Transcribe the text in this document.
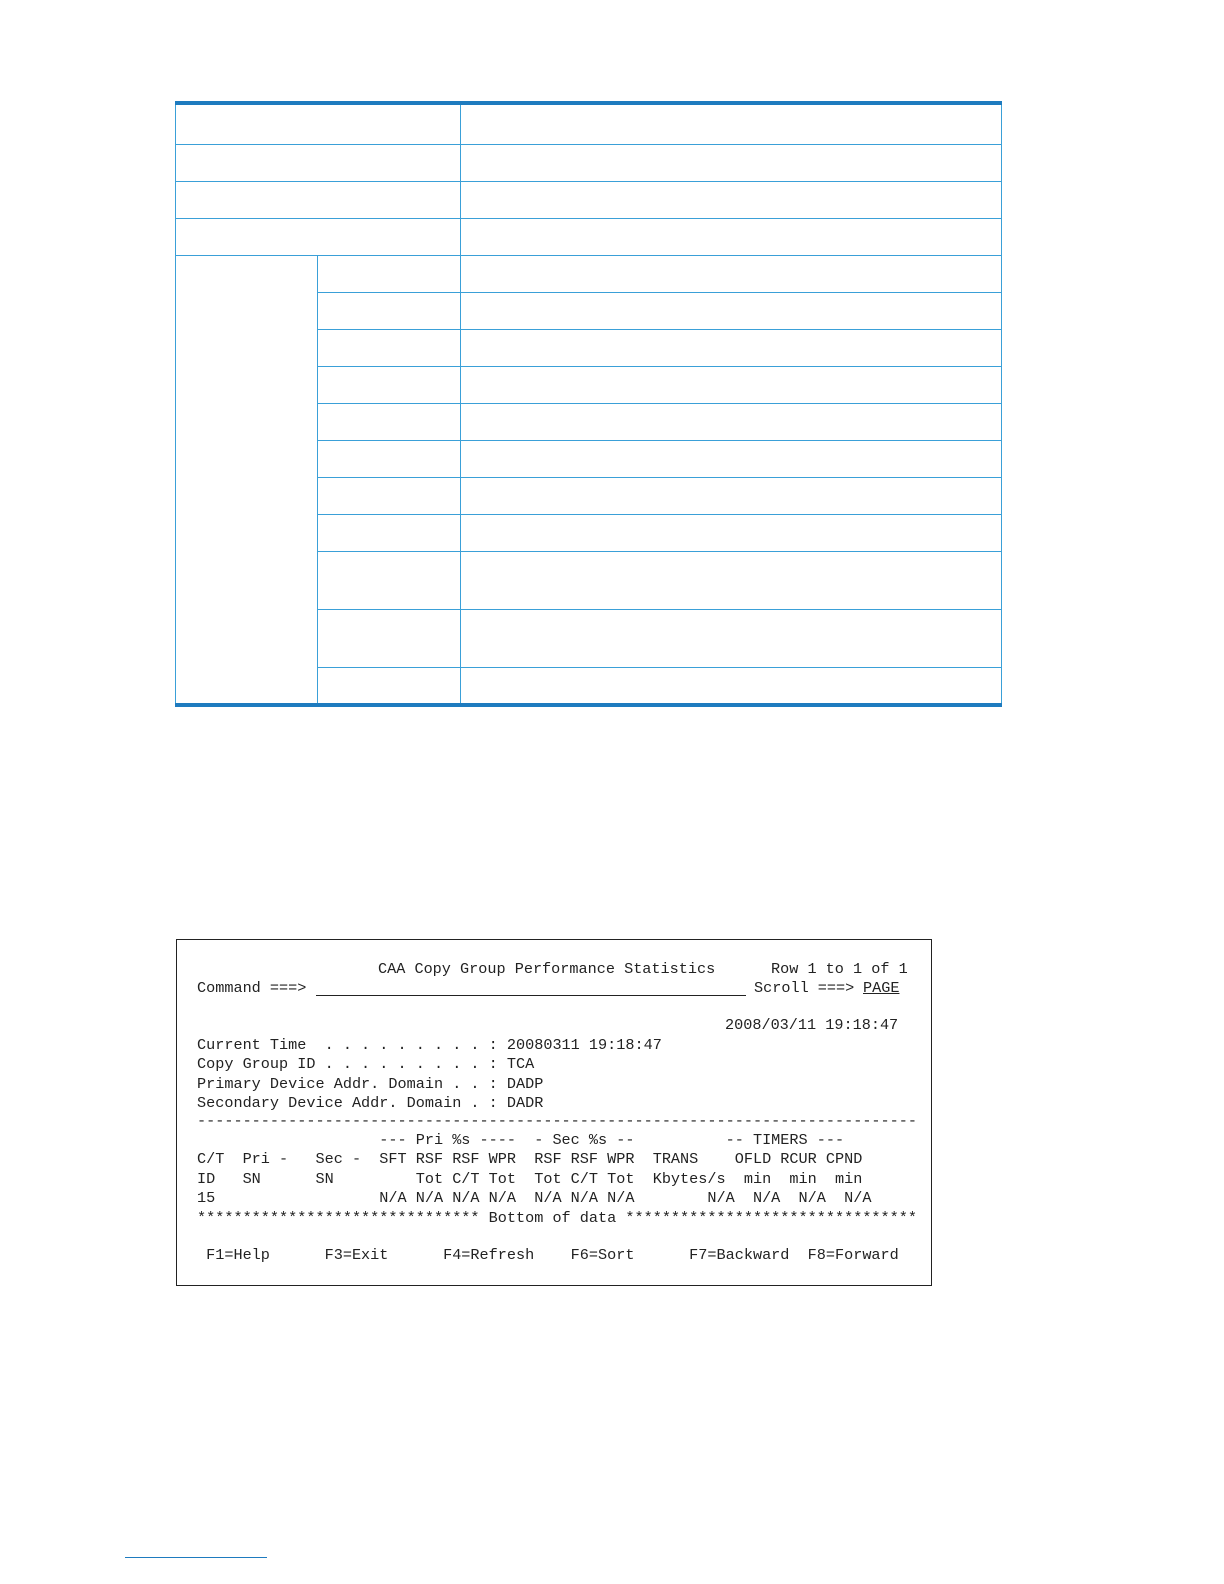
CAA Copy Group Performance Statistics	Row 1 to 1 of 1
Command ===>	Scroll ===> PAGE
2008/03/11 19:18:47
Current Time  . . . . . . . . . : 20080311 19:18:47
Copy Group ID . . . . . . . . . : TCA
Primary Device Addr. Domain . . : DADP
Secondary Device Addr. Domain . : DADR
-------------------------------------------------------------------------------
--- Pri %s ----  - Sec %s --          -- TIMERS ---
C/T  Pri -   Sec -  SFT RSF RSF WPR  RSF RSF WPR  TRANS    OFLD RCUR CPND
ID   SN      SN         Tot C/T Tot  Tot C/T Tot  Kbytes/s  min  min  min
15                  N/A N/A N/A N/A  N/A N/A N/A        N/A  N/A  N/A  N/A
******************************* Bottom of data ********************************
F1=Help      F3=Exit      F4=Refresh    F6=Sort      F7=Backward  F8=Forward
